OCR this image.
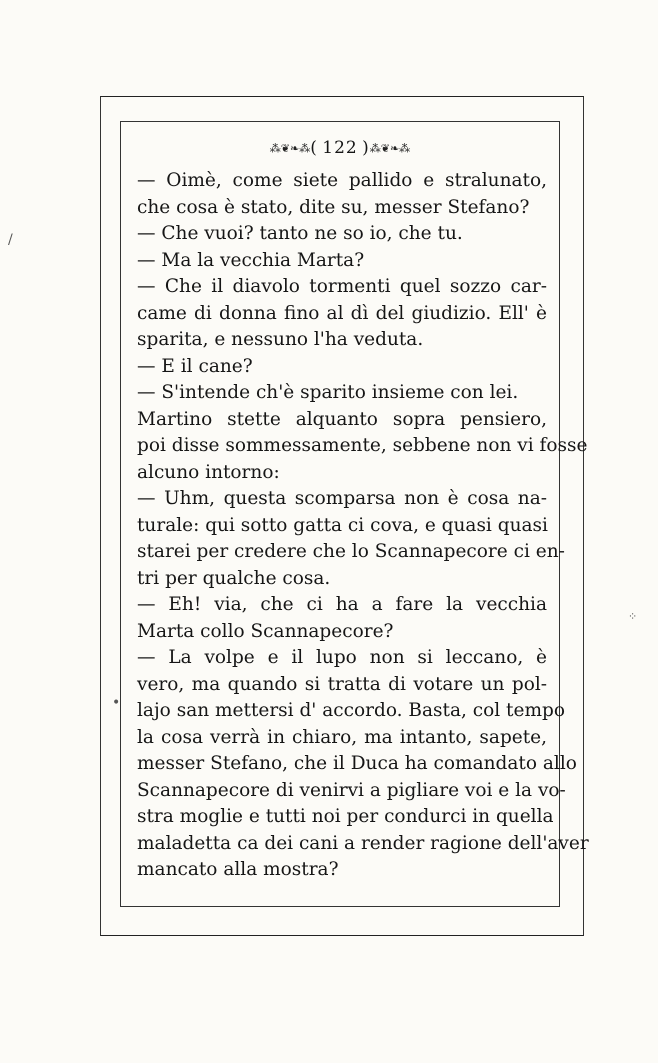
⁂❦❧⁂( 122 )⁂❦❧⁂
— Oimè, come siete pallido e stralunato,
che cosa è stato, dite su, messer Stefano?
— Che vuoi? tanto ne so io, che tu.
— Ma la vecchia Marta?
— Che il diavolo tormenti quel sozzo car-
came di donna fino al dì del giudizio. Ell' è
sparita, e nessuno l'ha veduta.
— E il cane?
— S'intende ch'è sparito insieme con lei.
Martino stette alquanto sopra pensiero,
poi disse sommessamente, sebbene non vi fosse
alcuno intorno:
— Uhm, questa scomparsa non è cosa na-
turale: qui sotto gatta ci cova, e quasi quasi
starei per credere che lo Scannapecore ci en-
tri per qualche cosa.
— Eh! via, che ci ha a fare la vecchia
Marta collo Scannapecore?
— La volpe e il lupo non si leccano, è
vero, ma quando si tratta di votare un pol-
lajo san mettersi d' accordo. Basta, col tempo
la cosa verrà in chiaro, ma intanto, sapete,
messer Stefano, che il Duca ha comandato allo
Scannapecore di venirvi a pigliare voi e la vo-
stra moglie e tutti noi per condurci in quella
maladetta ca dei cani a render ragione dell'aver
mancato alla mostra?
/
⁘
•
